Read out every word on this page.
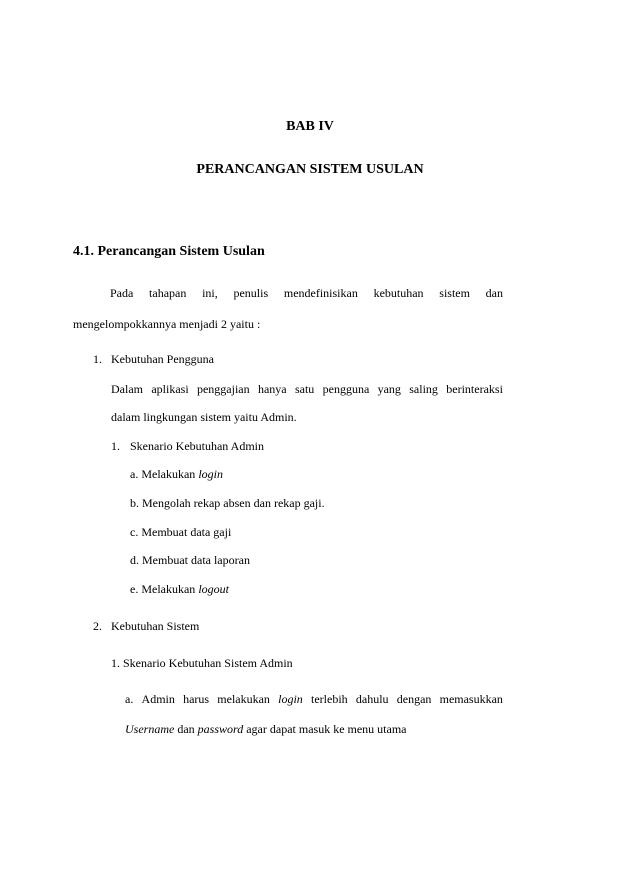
BAB IV
PERANCANGAN SISTEM USULAN
4.1. Perancangan Sistem Usulan
Pada tahapan ini, penulis mendefinisikan kebutuhan sistem dan
mengelompokkannya menjadi 2 yaitu :
1. Kebutuhan Pengguna
Dalam aplikasi penggajian hanya satu pengguna yang saling berinteraksi
dalam lingkungan sistem yaitu Admin.
1. Skenario Kebutuhan Admin
a. Melakukan login
b. Mengolah rekap absen dan rekap gaji.
c. Membuat data gaji
d. Membuat data laporan
e. Melakukan logout
2. Kebutuhan Sistem
1. Skenario Kebutuhan Sistem Admin
a. Admin harus melakukan login terlebih dahulu dengan memasukkan
Username dan password agar dapat masuk ke menu utama
